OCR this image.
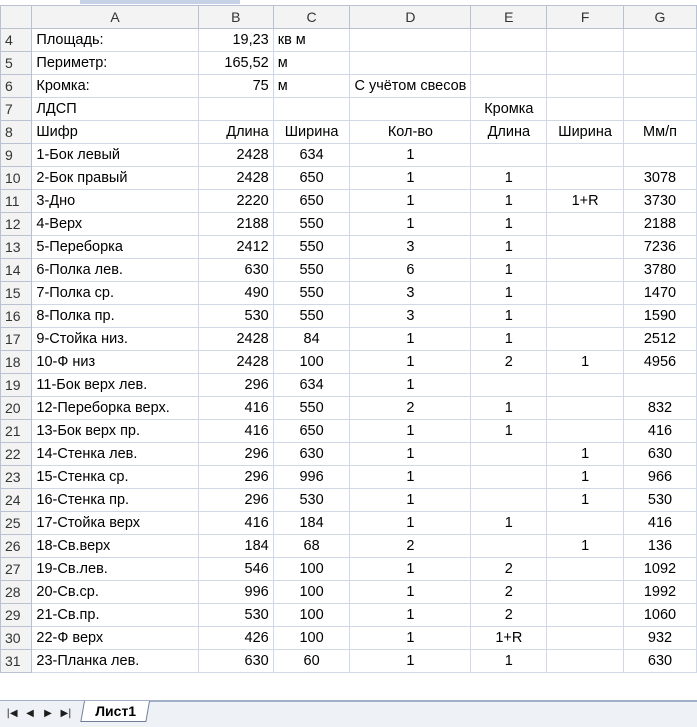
	A	B	C	D	E	F	G
4	Площадь:	19,23	кв м				
5	Периметр:	165,52	м				
6	Кромка:	75	м	С учётом свесов			
7	ЛДСП				Кромка		
8	Шифр	Длина	Ширина	Кол-во	Длина	Ширина	Мм/п
9	1-Бок левый	2428	634	1			
10	2-Бок правый	2428	650	1	1		3078
11	3-Дно	2220	650	1	1	1+R	3730
12	4-Верх	2188	550	1	1		2188
13	5-Переборка	2412	550	3	1		7236
14	6-Полка лев.	630	550	6	1		3780
15	7-Полка ср.	490	550	3	1		1470
16	8-Полка пр.	530	550	3	1		1590
17	9-Стойка низ.	2428	84	1	1		2512
18	10-Ф низ	2428	100	1	2	1	4956
19	11-Бок верх лев.	296	634	1			
20	12-Переборка верх.	416	550	2	1		832
21	13-Бок верх пр.	416	650	1	1		416
22	14-Стенка лев.	296	630	1		1	630
23	15-Стенка ср.	296	996	1		1	966
24	16-Стенка пр.	296	530	1		1	530
25	17-Стойка верх	416	184	1	1		416
26	18-Св.верх	184	68	2		1	136
27	19-Св.лев.	546	100	1	2		1092
28	20-Св.ср.	996	100	1	2		1992
29	21-Св.пр.	530	100	1	2		1060
30	22-Ф верх	426	100	1	1+R		932
31	23-Планка лев.	630	60	1	1		630
|◀ ◀	▶ ▶|	Лист1
